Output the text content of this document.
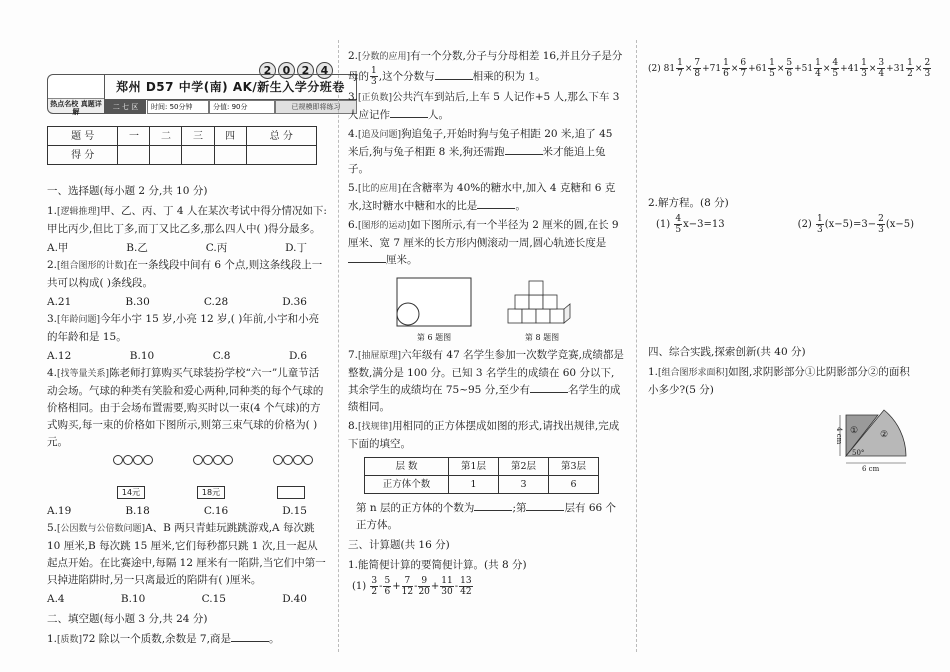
2	0	2	4
热点名校 真题详解
郑州 D57 中学(南) AK/新生入学分班卷
二 七 区	时间: 50分钟	分值: 90分	已规模即将练习
题 号	一	二	三	四	总 分
得 分					
一、选择题(每小题 2 分,共 10 分)
1.[逻辑推理]甲、乙、丙、丁 4 人在某次考试中得分情况如下:甲比丙少,但比丁多,而丁又比乙多,那么四人中( )得分最多。
A.甲	B.乙	C.丙	D.丁
2.[组合图形的计数]在一条线段中间有 6 个点,则这条线段上一共可以构成( )条线段。
A.21	B.30	C.28	D.36
3.[年龄问题]今年小宇 15 岁,小亮 12 岁,( )年前,小宇和小亮的年龄和是 15。
A.12	B.10	C.8	D.6
4.[找等量关系]陈老师打算购买气球装扮学校“六一”儿童节活动会场。气球的种类有笑脸和爱心两种,同种类的每个气球的价格相同。由于会场布置需要,购买时以一束(4 个气球)的方式购买,每一束的价格如下图所示,则第三束气球的价格为( )元。
14元	18元
A.19	B.18	C.16	D.15
5.[公因数与公倍数问题]A、B 两只青蛙玩跳跳游戏,A 每次跳 10 厘米,B 每次跳 15 厘米,它们每秒都只跳 1 次,且一起从起点开始。在比赛途中,每隔 12 厘米有一陷阱,当它们中第一只掉进陷阱时,另一只离最近的陷阱有( )厘米。
A.4	B.10	C.15	D.40
二、填空题(每小题 3 分,共 24 分)
1.[质数]72 除以一个质数,余数是 7,商是	。
2.[分数的应用]有一个分数,分子与分母相差 16,并且分子是分母的 $\frac{1}{3}$ ,这个分数与	相乘的积为 1。
3.[正负数]公共汽车到站后,上车 5 人记作+5 人,那么下车 3 人应记作	人。
4.[追及问题]狗追兔子,开始时狗与兔子相距 20 米,追了 45 米后,狗与兔子相距 8 米,狗还需跑	米才能追上兔子。
5.[比的应用]在含糖率为 40%的糖水中,加入 4 克糖和 6 克水,这时糖水中糖和水的比是	。
6.[图形的运动]如下图所示,有一个半径为 2 厘米的圆,在长 9 厘米、宽 7 厘米的长方形内侧滚动一周,圆心轨迹长度是厘米。
第 6 题图	第 8 题图
7.[抽屉原理]六年级有 47 名学生参加一次数学竞赛,成绩都是整数,满分是 100 分。已知 3 名学生的成绩在 60 分以下,其余学生的成绩均在 75~95 分,至少有	名学生的成绩相同。
8.[找规律]用相同的正方体摆成如图的形式,请找出规律,完成下面的填空。
层 数	第1层	第2层	第3层
正方体个数	1	3	6
第 n 层的正方体的个数为	;第	层有 66 个正方体。
三、计算题(共 16 分)
1.能简便计算的要简便计算。(共 8 分)
$(1) \frac{3}{2} - \frac{5}{6} + \frac{7}{12} - \frac{9}{20} + \frac{11}{30} - \frac{13}{42}$
(2) $81 \frac{1}{7} \times \frac{7}{8} +71 \frac{1}{6} \times \frac{6}{7} +61 \frac{1}{5} \times \frac{5}{6} +51 \frac{1}{4} \times \frac{4}{5} +41 \frac{1}{3} \times \frac{3}{4} +31 \frac{1}{2} \times \frac{2}{3}$
2.解方程。(8 分)
$(1) \frac{4}{5} x-3=13$	$(2) \frac{1}{3} (x-5)=3- \frac{2}{3} (x-5)$
四、综合实践,探索创新(共 40 分)
1.[组合图形求面积]如图,求阴影部分①比阴影部分②的面积小多少?(5 分)
① ②
4 cm
6 cm
50°
